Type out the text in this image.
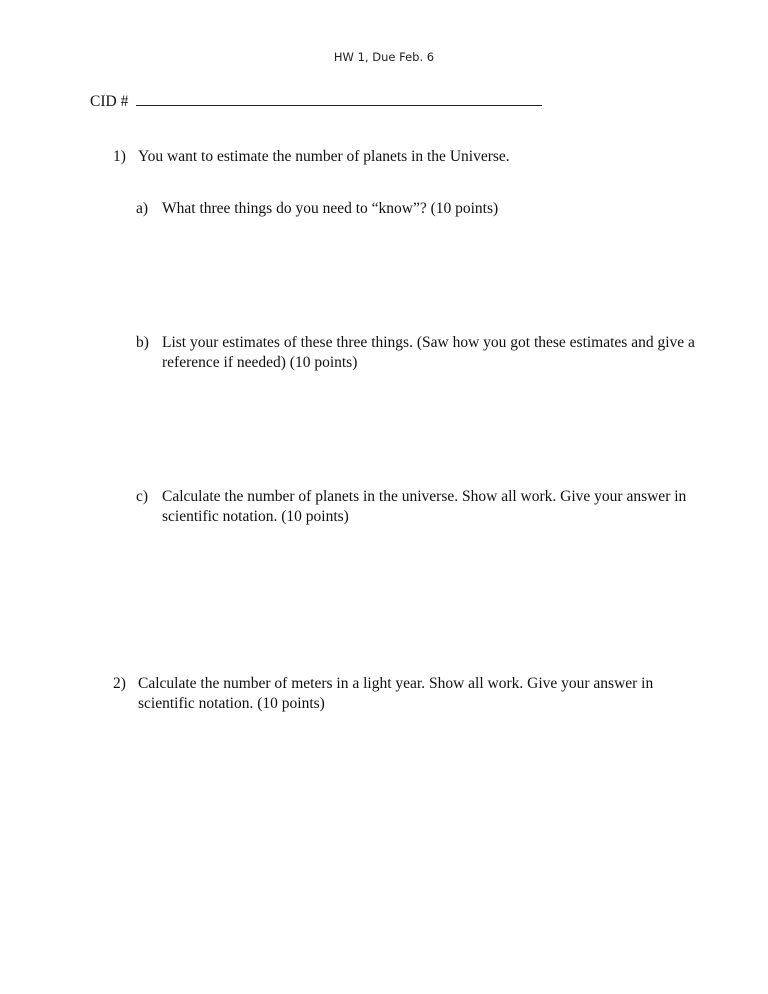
HW 1, Due Feb. 6
CID #
1) You want to estimate the number of planets in the Universe.
a) What three things do you need to “know”? (10 points)
b) List your estimates of these three things. (Saw how you got these estimates and give a reference if needed) (10 points)
c) Calculate the number of planets in the universe. Show all work. Give your answer in scientific notation. (10 points)
2) Calculate the number of meters in a light year. Show all work. Give your answer in scientific notation. (10 points)
